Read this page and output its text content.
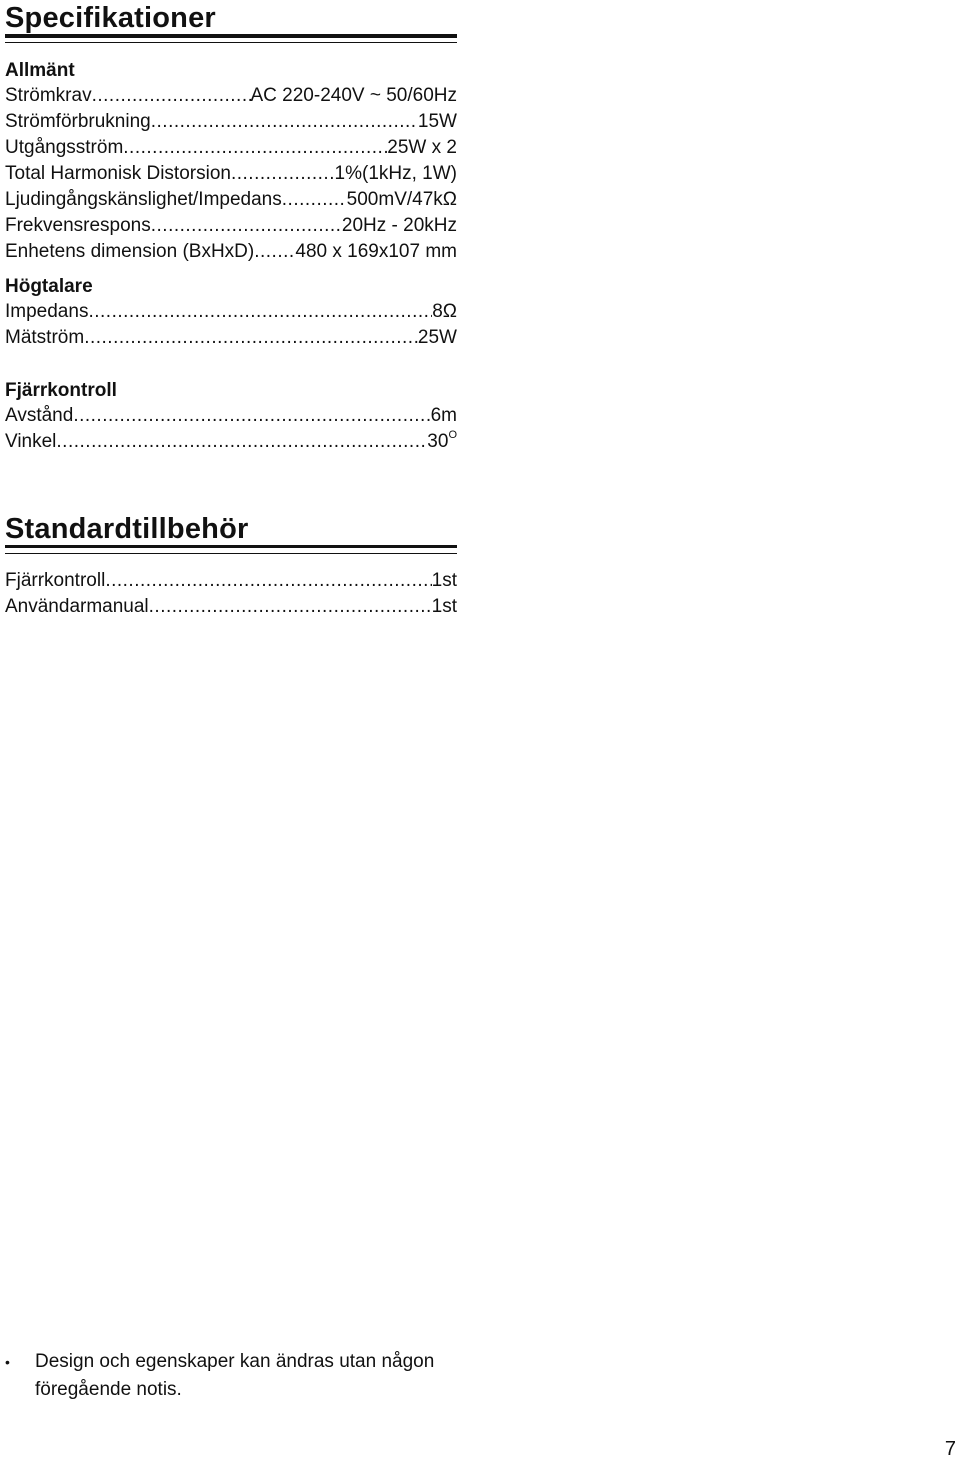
Specifikationer
Allmänt
Strömkrav .....	AC 220-240V ~ 50/60Hz
Strömförbrukning .....	15W
Utgångsström .....	25W x 2
Total Harmonisk Distorsion .....	1%(1kHz, 1W)
Ljudingångskänslighet/Impedans .....	500mV/47kΩ
Frekvensrespons .....	20Hz - 20kHz
Enhetens dimension (BxHxD) ..... 480 x 169x107 mm
Högtalare
Impedans .....	8Ω
Mätström .....	25W
Fjärrkontroll
Avstånd .....	6m
Vinkel .....	$30^O$
Standardtillbehör
Fjärrkontroll .....	1st
Användarmanual .....	1st
•	Design och egenskaper kan ändras utan någon föregående notis.
7
